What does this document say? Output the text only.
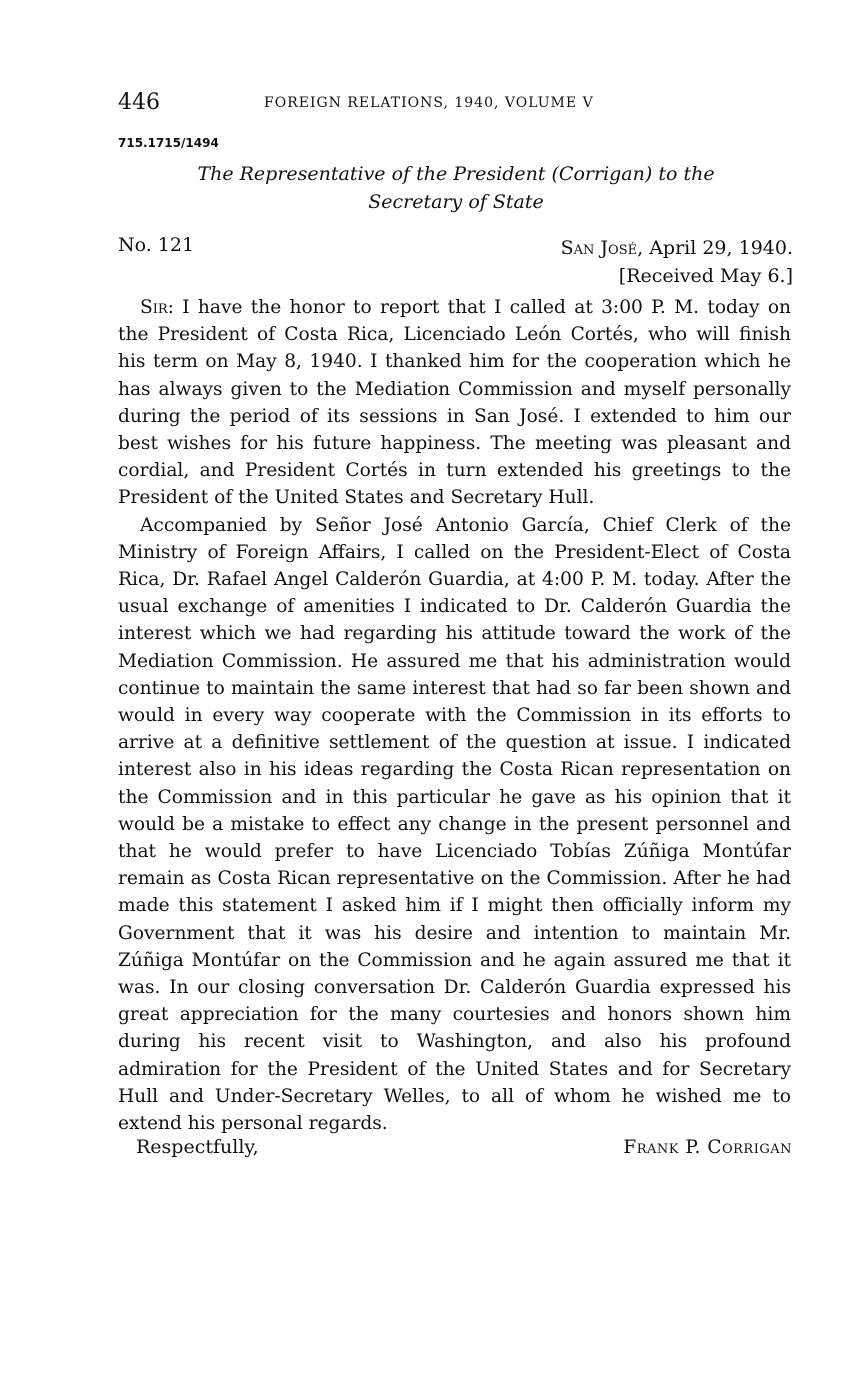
446	FOREIGN RELATIONS, 1940, VOLUME V
715.1715/1494
The Representative of the President (Corrigan) to the
Secretary of State
No. 121	San José, April 29, 1940.
[Received May 6.]

Sir: I have the honor to report that I called at 3:00 P. M. today on the President of Costa Rica, Licenciado León Cortés, who will finish his term on May 8, 1940. I thanked him for the cooperation which he has always given to the Mediation Commission and myself personally during the period of its sessions in San José. I extended to him our best wishes for his future happiness. The meeting was pleasant and cordial, and President Cortés in turn extended his greetings to the President of the United States and Secretary Hull.

Accompanied by Señor José Antonio García, Chief Clerk of the Ministry of Foreign Affairs, I called on the President-Elect of Costa Rica, Dr. Rafael Angel Calderón Guardia, at 4:00 P. M. today. After the usual exchange of amenities I indicated to Dr. Calderón Guardia the interest which we had regarding his attitude toward the work of the Mediation Commission. He assured me that his administration would continue to maintain the same interest that had so far been shown and would in every way cooperate with the Commission in its efforts to arrive at a definitive settlement of the question at issue. I indicated interest also in his ideas regarding the Costa Rican representation on the Commission and in this particular he gave as his opinion that it would be a mistake to effect any change in the present personnel and that he would prefer to have Licenciado Tobías Zúñiga Montúfar remain as Costa Rican representative on the Commission. After he had made this statement I asked him if I might then officially inform my Government that it was his desire and intention to maintain Mr. Zúñiga Montúfar on the Commission and he again assured me that it was. In our closing conversation Dr. Calderón Guardia expressed his great appreciation for the many courtesies and honors shown him during his recent visit to Washington, and also his profound admiration for the President of the United States and for Secretary Hull and Under-Secretary Welles, to all of whom he wished me to extend his personal regards.

Respectfully,	Frank P. Corrigan
